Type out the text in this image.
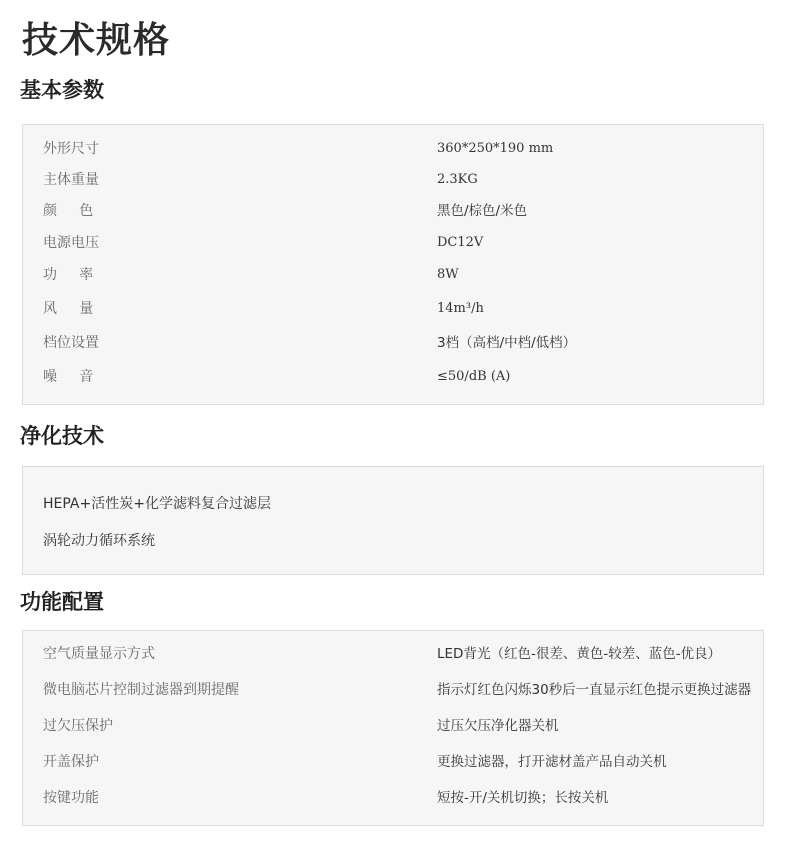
技术规格
基本参数
外形尺寸	360*250*190 mm
主体重量	2.3KG
颜     色	黑色/棕色/米色
电源电压	DC12V
功     率	8W
风     量	14m³/h
档位设置	3档（高档/中档/低档）
噪     音	≤50/dB (A)
净化技术
HEPA+活性炭+化学滤料复合过滤层
涡轮动力循环系统
功能配置
空气质量显示方式	LED背光（红色-很差、黄色-较差、蓝色-优良）
微电脑芯片控制过滤器到期提醒	指示灯红色闪烁30秒后一直显示红色提示更换过滤器
过欠压保护	过压欠压净化器关机
开盖保护	更换过滤器，打开滤材盖产品自动关机
按键功能	短按-开/关机切换；长按关机
